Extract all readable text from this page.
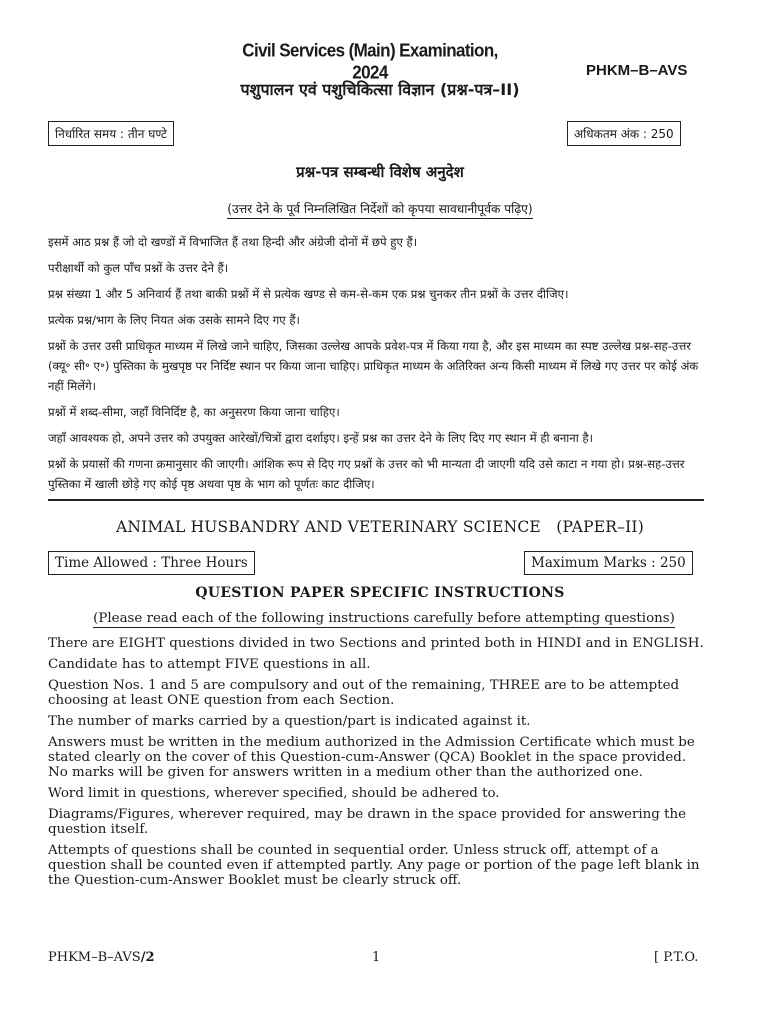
Civil Services (Main) Examination, 2024	PHKM–B–AVS
पशुपालन एवं पशुचिकित्सा विज्ञान (प्रश्न-पत्र–II)
निर्धारित समय : तीन घण्टे	अधिकतम अंक : 250
प्रश्न-पत्र सम्बन्धी विशेष अनुदेश
(उत्तर देने के पूर्व निम्नलिखित निर्देशों को कृपया सावधानीपूर्वक पढ़िए)

इसमें आठ प्रश्न हैं जो दो खण्डों में विभाजित हैं तथा हिन्दी और अंग्रेजी दोनों में छपे हुए हैं।

परीक्षार्थी को कुल पाँच प्रश्नों के उत्तर देने हैं।

प्रश्न संख्या 1 और 5 अनिवार्य हैं तथा बाकी प्रश्नों में से प्रत्येक खण्ड से कम-से-कम एक प्रश्न चुनकर तीन प्रश्नों के उत्तर दीजिए।

प्रत्येक प्रश्न/भाग के लिए नियत अंक उसके सामने दिए गए हैं।

प्रश्नों के उत्तर उसी प्राधिकृत माध्यम में लिखे जाने चाहिए, जिसका उल्लेख आपके प्रवेश-पत्र में किया गया है, और इस माध्यम का स्पष्ट उल्लेख प्रश्न-सह-उत्तर (क्यू॰ सी॰ ए॰) पुस्तिका के मुखपृष्ठ पर निर्दिष्ट स्थान पर किया जाना चाहिए। प्राधिकृत माध्यम के अतिरिक्त अन्य किसी माध्यम में लिखे गए उत्तर पर कोई अंक नहीं मिलेंगे।

प्रश्नों में शब्द-सीमा, जहाँ विनिर्दिष्ट है, का अनुसरण किया जाना चाहिए।

जहाँ आवश्यक हो, अपने उत्तर को उपयुक्त आरेखों/चित्रों द्वारा दर्शाइए। इन्हें प्रश्न का उत्तर देने के लिए दिए गए स्थान में ही बनाना है।

प्रश्नों के प्रयासों की गणना क्रमानुसार की जाएगी। आंशिक रूप से दिए गए प्रश्नों के उत्तर को भी मान्यता दी जाएगी यदि उसे काटा न गया हो। प्रश्न-सह-उत्तर पुस्तिका में खाली छोड़े गए कोई पृष्ठ अथवा पृष्ठ के भाग को पूर्णतः काट दीजिए।

ANIMAL HUSBANDRY AND VETERINARY SCIENCE   (PAPER–II)
Time Allowed : Three Hours	Maximum Marks : 250
QUESTION PAPER SPECIFIC INSTRUCTIONS
(Please read each of the following instructions carefully before attempting questions)

There are EIGHT questions divided in two Sections and printed both in HINDI and in ENGLISH.

Candidate has to attempt FIVE questions in all.

Question Nos. 1 and 5 are compulsory and out of the remaining, THREE are to be attempted choosing at least ONE question from each Section.

The number of marks carried by a question/part is indicated against it.

Answers must be written in the medium authorized in the Admission Certificate which must be stated clearly on the cover of this Question-cum-Answer (QCA) Booklet in the space provided. No marks will be given for answers written in a medium other than the authorized one.

Word limit in questions, wherever specified, should be adhered to.

Diagrams/Figures, wherever required, may be drawn in the space provided for answering the question itself.

Attempts of questions shall be counted in sequential order. Unless struck off, attempt of a question shall be counted even if attempted partly. Any page or portion of the page left blank in the Question-cum-Answer Booklet must be clearly struck off.

PHKM–B–AVS/2	1	[ P.T.O.
